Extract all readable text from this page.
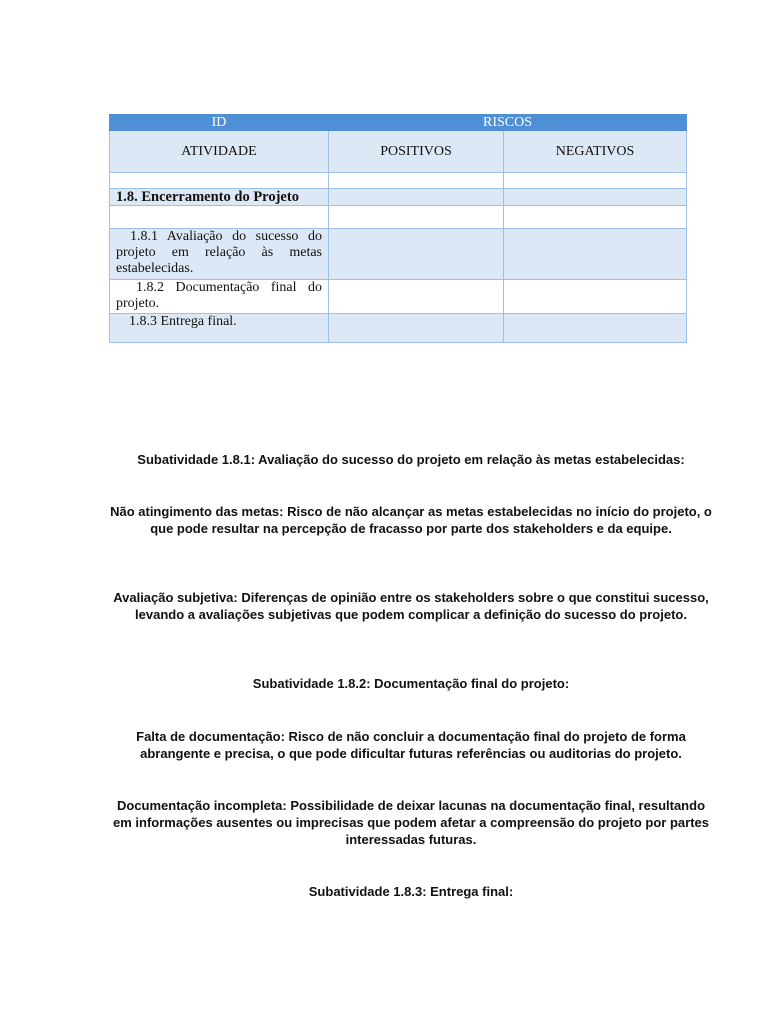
ID	RISCOS	
ATIVIDADE	POSITIVOS	NEGATIVOS

1.8. Encerramento do Projeto		

1.8.1 Avaliação do sucesso do projeto em relação às metas estabelecidas.		
1.8.2 Documentação final do projeto.		
1.8.3 Entrega final.		

Subatividade 1.8.1: Avaliação do sucesso do projeto em relação às metas estabelecidas:

Não atingimento das metas: Risco de não alcançar as metas estabelecidas no início do projeto, o que pode resultar na percepção de fracasso por parte dos stakeholders e da equipe.

Avaliação subjetiva: Diferenças de opinião entre os stakeholders sobre o que constitui sucesso, levando a avaliações subjetivas que podem complicar a definição do sucesso do projeto.

Subatividade 1.8.2: Documentação final do projeto:

Falta de documentação: Risco de não concluir a documentação final do projeto de forma abrangente e precisa, o que pode dificultar futuras referências ou auditorias do projeto.

Documentação incompleta: Possibilidade de deixar lacunas na documentação final, resultando em informações ausentes ou imprecisas que podem afetar a compreensão do projeto por partes interessadas futuras.

Subatividade 1.8.3: Entrega final:
